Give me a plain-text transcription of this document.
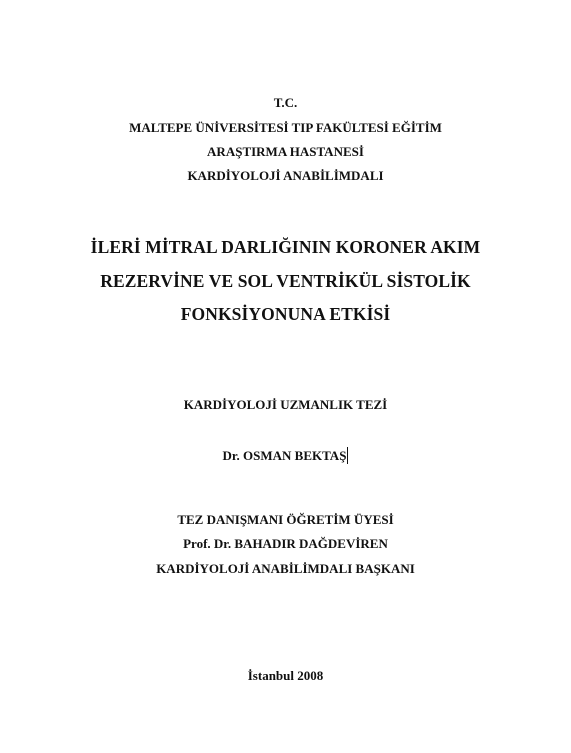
T.C.
MALTEPE ÜNİVERSİTESİ TIP FAKÜLTESİ EĞİTİM
ARAŞTIRMA HASTANESİ
KARDİYOLOJİ ANABİLİMDALI
İLERİ MİTRAL DARLIĞININ KORONER AKIM
REZERVİNE VE SOL VENTRİKÜL SİSTOLİK
FONKSİYONUNA ETKİSİ
KARDİYOLOJİ UZMANLIK TEZİ
Dr. OSMAN BEKTAŞ
TEZ DANIŞMANI ÖĞRETİM ÜYESİ
Prof. Dr. BAHADIR DAĞDEVİREN
KARDİYOLOJİ ANABİLİMDALI BAŞKANI
İstanbul 2008
